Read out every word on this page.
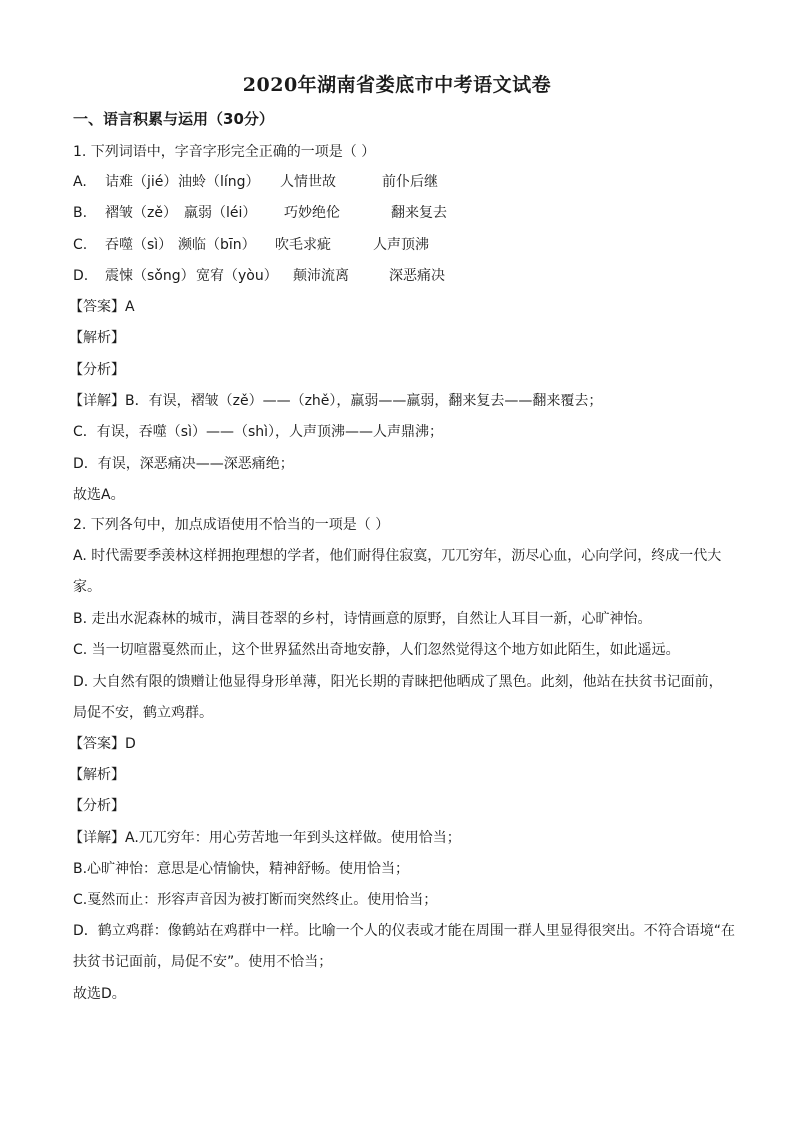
2020年湖南省娄底市中考语文试卷
一、语言积累与运用（30分）
1. 下列词语中，字音字形完全正确的一项是（ ）
A. 诘难（jié）油蛉（líng） 人情世故	前仆后继
B. 褶皱（zě） 羸弱（léi） 巧妙绝伦	翻来复去
C. 吞噬（sì） 濒临（bīn） 吹毛求疵	人声顶沸
D. 震悚（sǒng）宽宥（yòu） 颠沛流离	深恶痛决
【答案】A
【解析】
【分析】
【详解】B．有误，褶皱（zě）——（zhě），羸弱——羸弱，翻来复去——翻来覆去；
C．有误，吞噬（sì）——（shì），人声顶沸——人声鼎沸；
D．有误，深恶痛决——深恶痛绝；
故选A。
2. 下列各句中，加点成语使用不恰当的一项是（ ）
A. 时代需要季羡林这样拥抱理想的学者，他们耐得住寂寞，兀兀穷年，沥尽心血，心向学问，终成一代大
家。
B. 走出水泥森林的城市，满目苍翠的乡村，诗情画意的原野，自然让人耳目一新，心旷神怡。
C. 当一切喧嚣戛然而止，这个世界猛然出奇地安静，人们忽然觉得这个地方如此陌生，如此遥远。
D. 大自然有限的馈赠让他显得身形单薄，阳光长期的青睐把他晒成了黑色。此刻，他站在扶贫书记面前，
局促不安，鹤立鸡群。
【答案】D
【解析】
【分析】
【详解】A.兀兀穷年：用心劳苦地一年到头这样做。使用恰当；
B.心旷神怡：意思是心情愉快，精神舒畅。使用恰当；
C.戛然而止：形容声音因为被打断而突然终止。使用恰当；
D．鹤立鸡群：像鹤站在鸡群中一样。比喻一个人的仪表或才能在周围一群人里显得很突出。不符合语境“在
扶贫书记面前，局促不安”。使用不恰当；
故选D。
